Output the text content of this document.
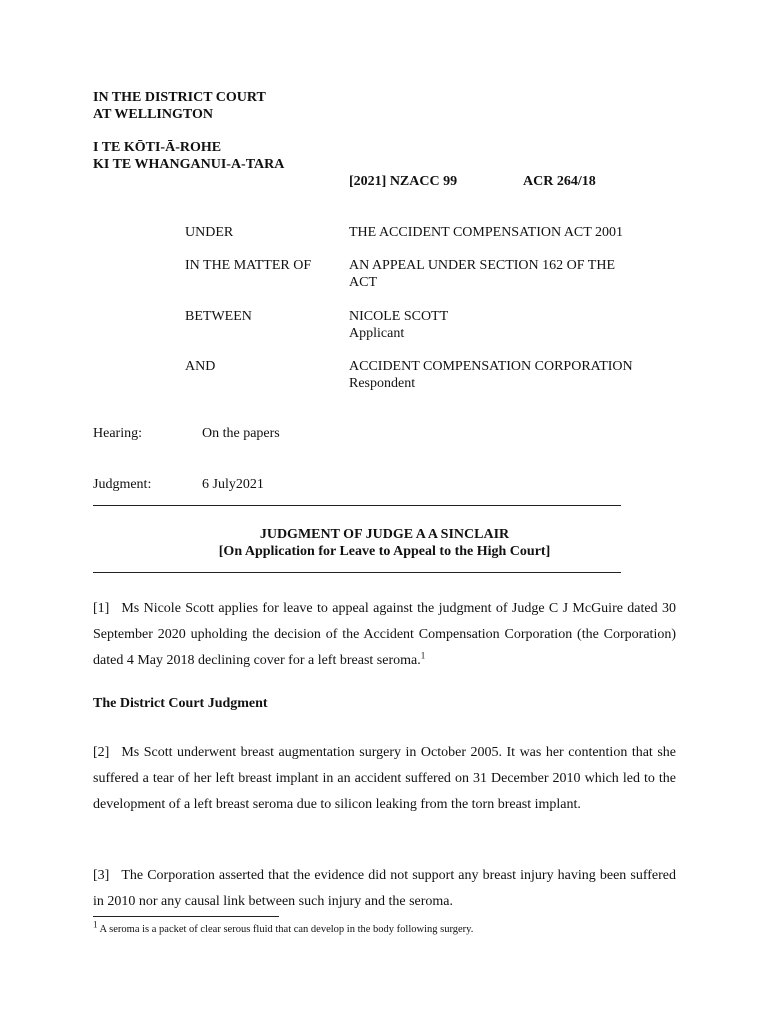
IN THE DISTRICT COURT
AT WELLINGTON
I TE KŌTI-Ā-ROHE
KI TE WHANGANUI-A-TARA
[2021] NZACC 99	ACR 264/18
UNDER	THE ACCIDENT COMPENSATION ACT 2001
IN THE MATTER OF	AN APPEAL UNDER SECTION 162 OF THE
ACT
BETWEEN	NICOLE SCOTT
Applicant
AND	ACCIDENT COMPENSATION CORPORATION
Respondent
Hearing:	On the papers
Judgment:	6 July2021
JUDGMENT OF JUDGE A A SINCLAIR
[On Application for Leave to Appeal to the High Court]
[1] Ms Nicole Scott applies for leave to appeal against the judgment of Judge C J McGuire dated 30 September 2020 upholding the decision of the Accident Compensation Corporation (the Corporation) dated 4 May 2018 declining cover for a left breast seroma.$^1$
The District Court Judgment
[2] Ms Scott underwent breast augmentation surgery in October 2005. It was her contention that she suffered a tear of her left breast implant in an accident suffered on 31 December 2010 which led to the development of a left breast seroma due to silicon leaking from the torn breast implant.
[3] The Corporation asserted that the evidence did not support any breast injury having been suffered in 2010 nor any causal link between such injury and the seroma.
$^1$ A seroma is a packet of clear serous fluid that can develop in the body following surgery.
